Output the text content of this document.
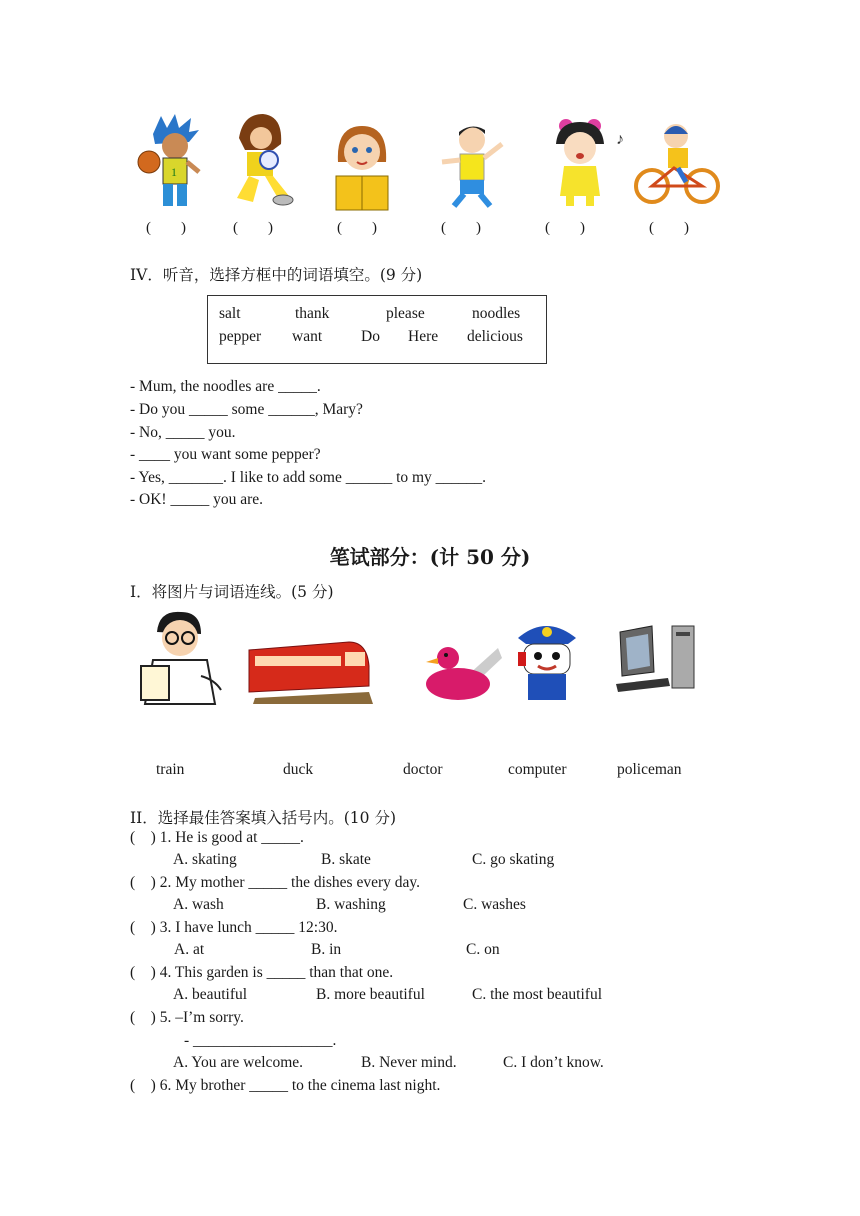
1
♪
(　　)	(　　)	(　　)	(　　)	(　　)	(　　)
IV．听音，选择方框中的词语填空。(9 分)
salt	thank	please	noodles
pepper want	Do Here delicious
- Mum, the noodles are _____.
- Do you _____ some ______, Mary?
- No, _____ you.
- ____ you want some pepper?
- Yes, _______. I like to add some ______ to my ______.
- OK! _____ you are.
笔试部分：(计 50 分)
I．将图片与词语连线。(5 分)
train	duck	doctor	computer	policeman
II．选择最佳答案填入括号内。(10 分)
(    ) 1. He is good at _____.
A. skating	B. skate	C. go skating
(    ) 2. My mother _____ the dishes every day.
A. wash	B. washing	C. washes
(    ) 3. I have lunch _____ 12:30.
A. at	B. in	C. on
(    ) 4. This garden is _____ than that one.
A. beautiful	B. more beautiful	C. the most beautiful
(    ) 5. –I’m sorry.
- __________________.
A. You are welcome.	B. Never mind.	C. I don’t know.
(    ) 6. My brother _____ to the cinema last night.
